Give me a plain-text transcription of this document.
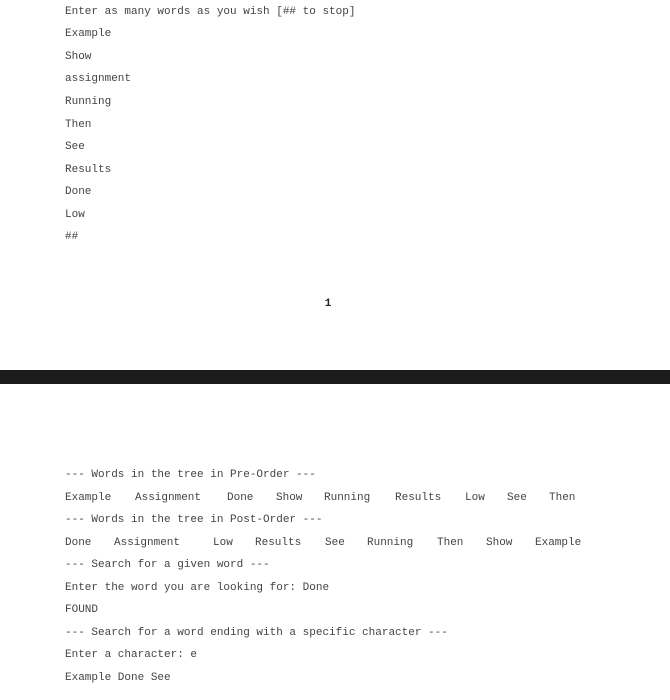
Enter as many words as you wish [## to stop]
Example
Show
assignment
Running
Then
See
Results
Done
Low
##
1
--- Words in the tree in Pre-Order ---

Example

Assignment

Done

Show

Running

Results

Low

See

Then

--- Words in the tree in Post-Order ---

Done

Assignment

	Low

Results

See

Running

Then

Show

Example

--- Search for a given word ---
Enter the word you are looking for: Done
FOUND
--- Search for a word ending with a specific character ---
Enter a character: e
Example Done See
